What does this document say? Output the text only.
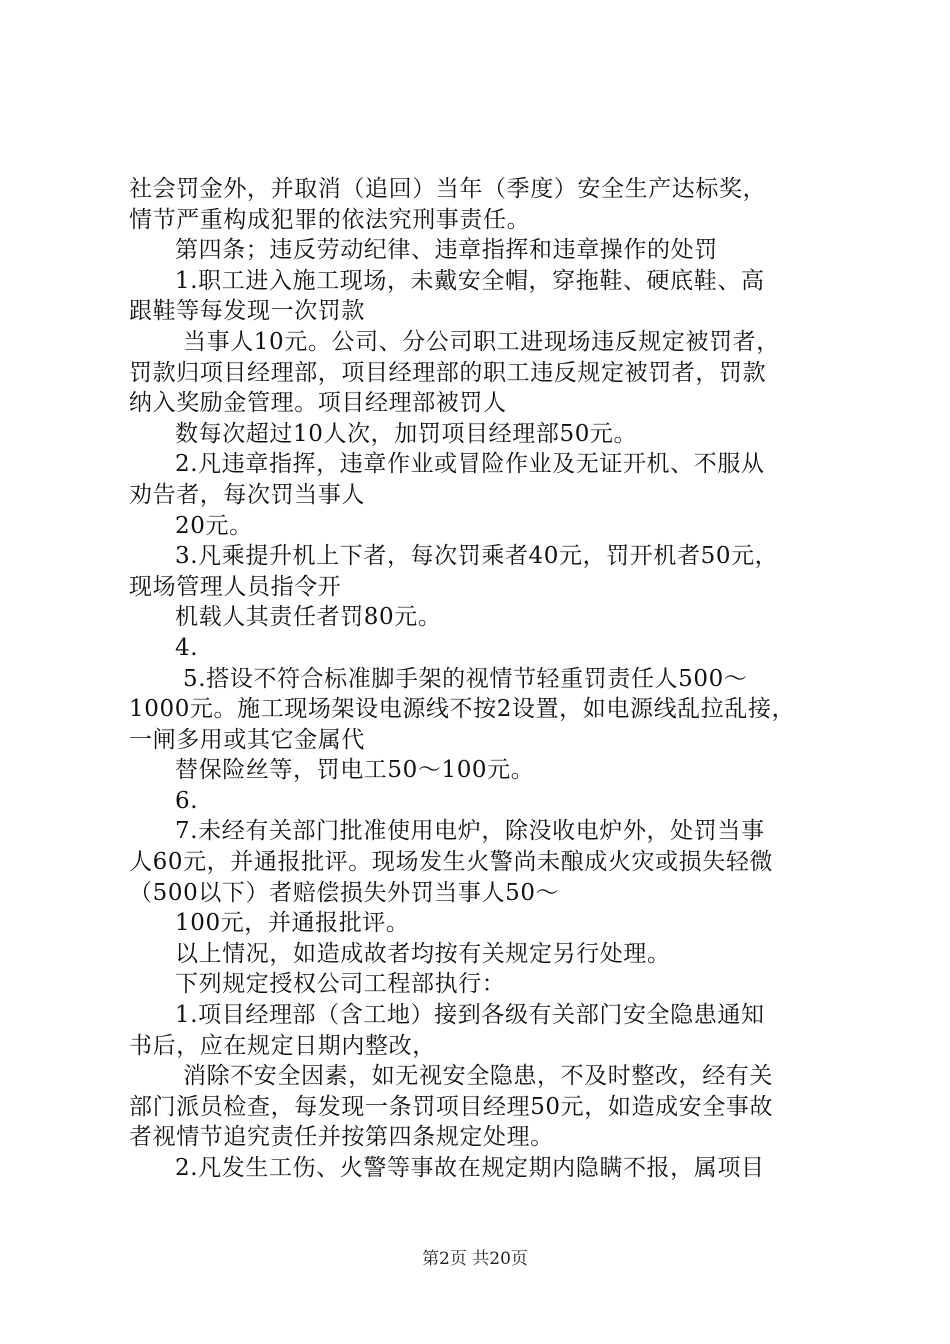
社会罚金外，并取消（追回）当年（季度）安全生产达标奖，
情节严重构成犯罪的依法究刑事责任。
第四条；违反劳动纪律、违章指挥和违章操作的处罚
1.职工进入施工现场，未戴安全帽，穿拖鞋、硬底鞋、高
跟鞋等每发现一次罚款
当事人10元。公司、分公司职工进现场违反规定被罚者，
罚款归项目经理部，项目经理部的职工违反规定被罚者，罚款
纳入奖励金管理。项目经理部被罚人
数每次超过10人次，加罚项目经理部50元。
2.凡违章指挥，违章作业或冒险作业及无证开机、不服从
劝告者，每次罚当事人
20元。
3.凡乘提升机上下者，每次罚乘者40元，罚开机者50元，
现场管理人员指令开
机载人其责任者罚80元。
4.
5.搭设不符合标准脚手架的视情节轻重罚责任人500～
1000元。施工现场架设电源线不按2设置，如电源线乱拉乱接，
一闸多用或其它金属代
替保险丝等，罚电工50～100元。
6.
7.未经有关部门批准使用电炉，除没收电炉外，处罚当事
人60元，并通报批评。现场发生火警尚未酿成火灾或损失轻微
（500以下）者赔偿损失外罚当事人50～
100元，并通报批评。
以上情况，如造成故者均按有关规定另行处理。
下列规定授权公司工程部执行：
1.项目经理部（含工地）接到各级有关部门安全隐患通知
书后，应在规定日期内整改，
消除不安全因素，如无视安全隐患，不及时整改，经有关
部门派员检查，每发现一条罚项目经理50元，如造成安全事故
者视情节追究责任并按第四条规定处理。
2.凡发生工伤、火警等事故在规定期内隐瞒不报，属项目
第2页 共20页
